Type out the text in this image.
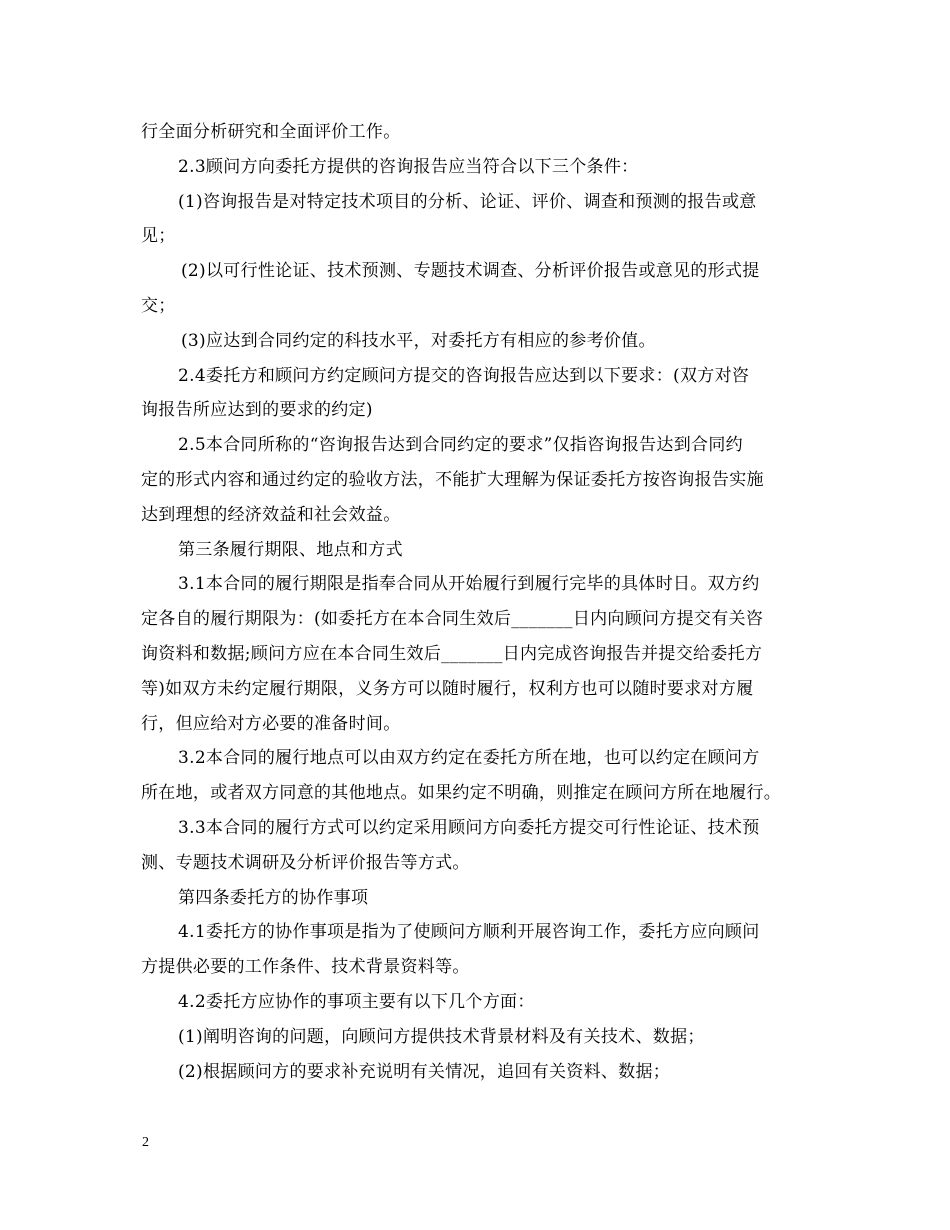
行全面分析研究和全面评价工作。
2.3顾问方向委托方提供的咨询报告应当符合以下三个条件：
(1)咨询报告是对特定技术项目的分析、论证、评价、调查和预测的报告或意
见；
(2)以可行性论证、技术预测、专题技术调查、分析评价报告或意见的形式提
交；
(3)应达到合同约定的科技水平，对委托方有相应的参考价值。
2.4委托方和顾问方约定顾问方提交的咨询报告应达到以下要求：(双方对咨
询报告所应达到的要求的约定)
2.5本合同所称的“咨询报告达到合同约定的要求”仅指咨询报告达到合同约
定的形式内容和通过约定的验收方法，不能扩大理解为保证委托方按咨询报告实施
达到理想的经济效益和社会效益。
第三条履行期限、地点和方式
3.1本合同的履行期限是指奉合同从开始履行到履行完毕的具体时日。双方约
定各自的履行期限为：(如委托方在本合同生效后_______日内向顾问方提交有关咨
询资料和数据;顾问方应在本合同生效后_______日内完成咨询报告并提交给委托方
等)如双方未约定履行期限，义务方可以随时履行，权利方也可以随时要求对方履
行，但应给对方必要的准备时间。
3.2本合同的履行地点可以由双方约定在委托方所在地，也可以约定在顾问方
所在地，或者双方同意的其他地点。如果约定不明确，则推定在顾问方所在地履行。
3.3本合同的履行方式可以约定采用顾问方向委托方提交可行性论证、技术预
测、专题技术调研及分析评价报告等方式。
第四条委托方的协作事项
4.1委托方的协作事项是指为了使顾问方顺利开展咨询工作，委托方应向顾问
方提供必要的工作条件、技术背景资料等。
4.2委托方应协作的事项主要有以下几个方面：
(1)阐明咨询的问题，向顾问方提供技术背景材料及有关技术、数据；
(2)根据顾问方的要求补充说明有关情况，追回有关资料、数据；
2
